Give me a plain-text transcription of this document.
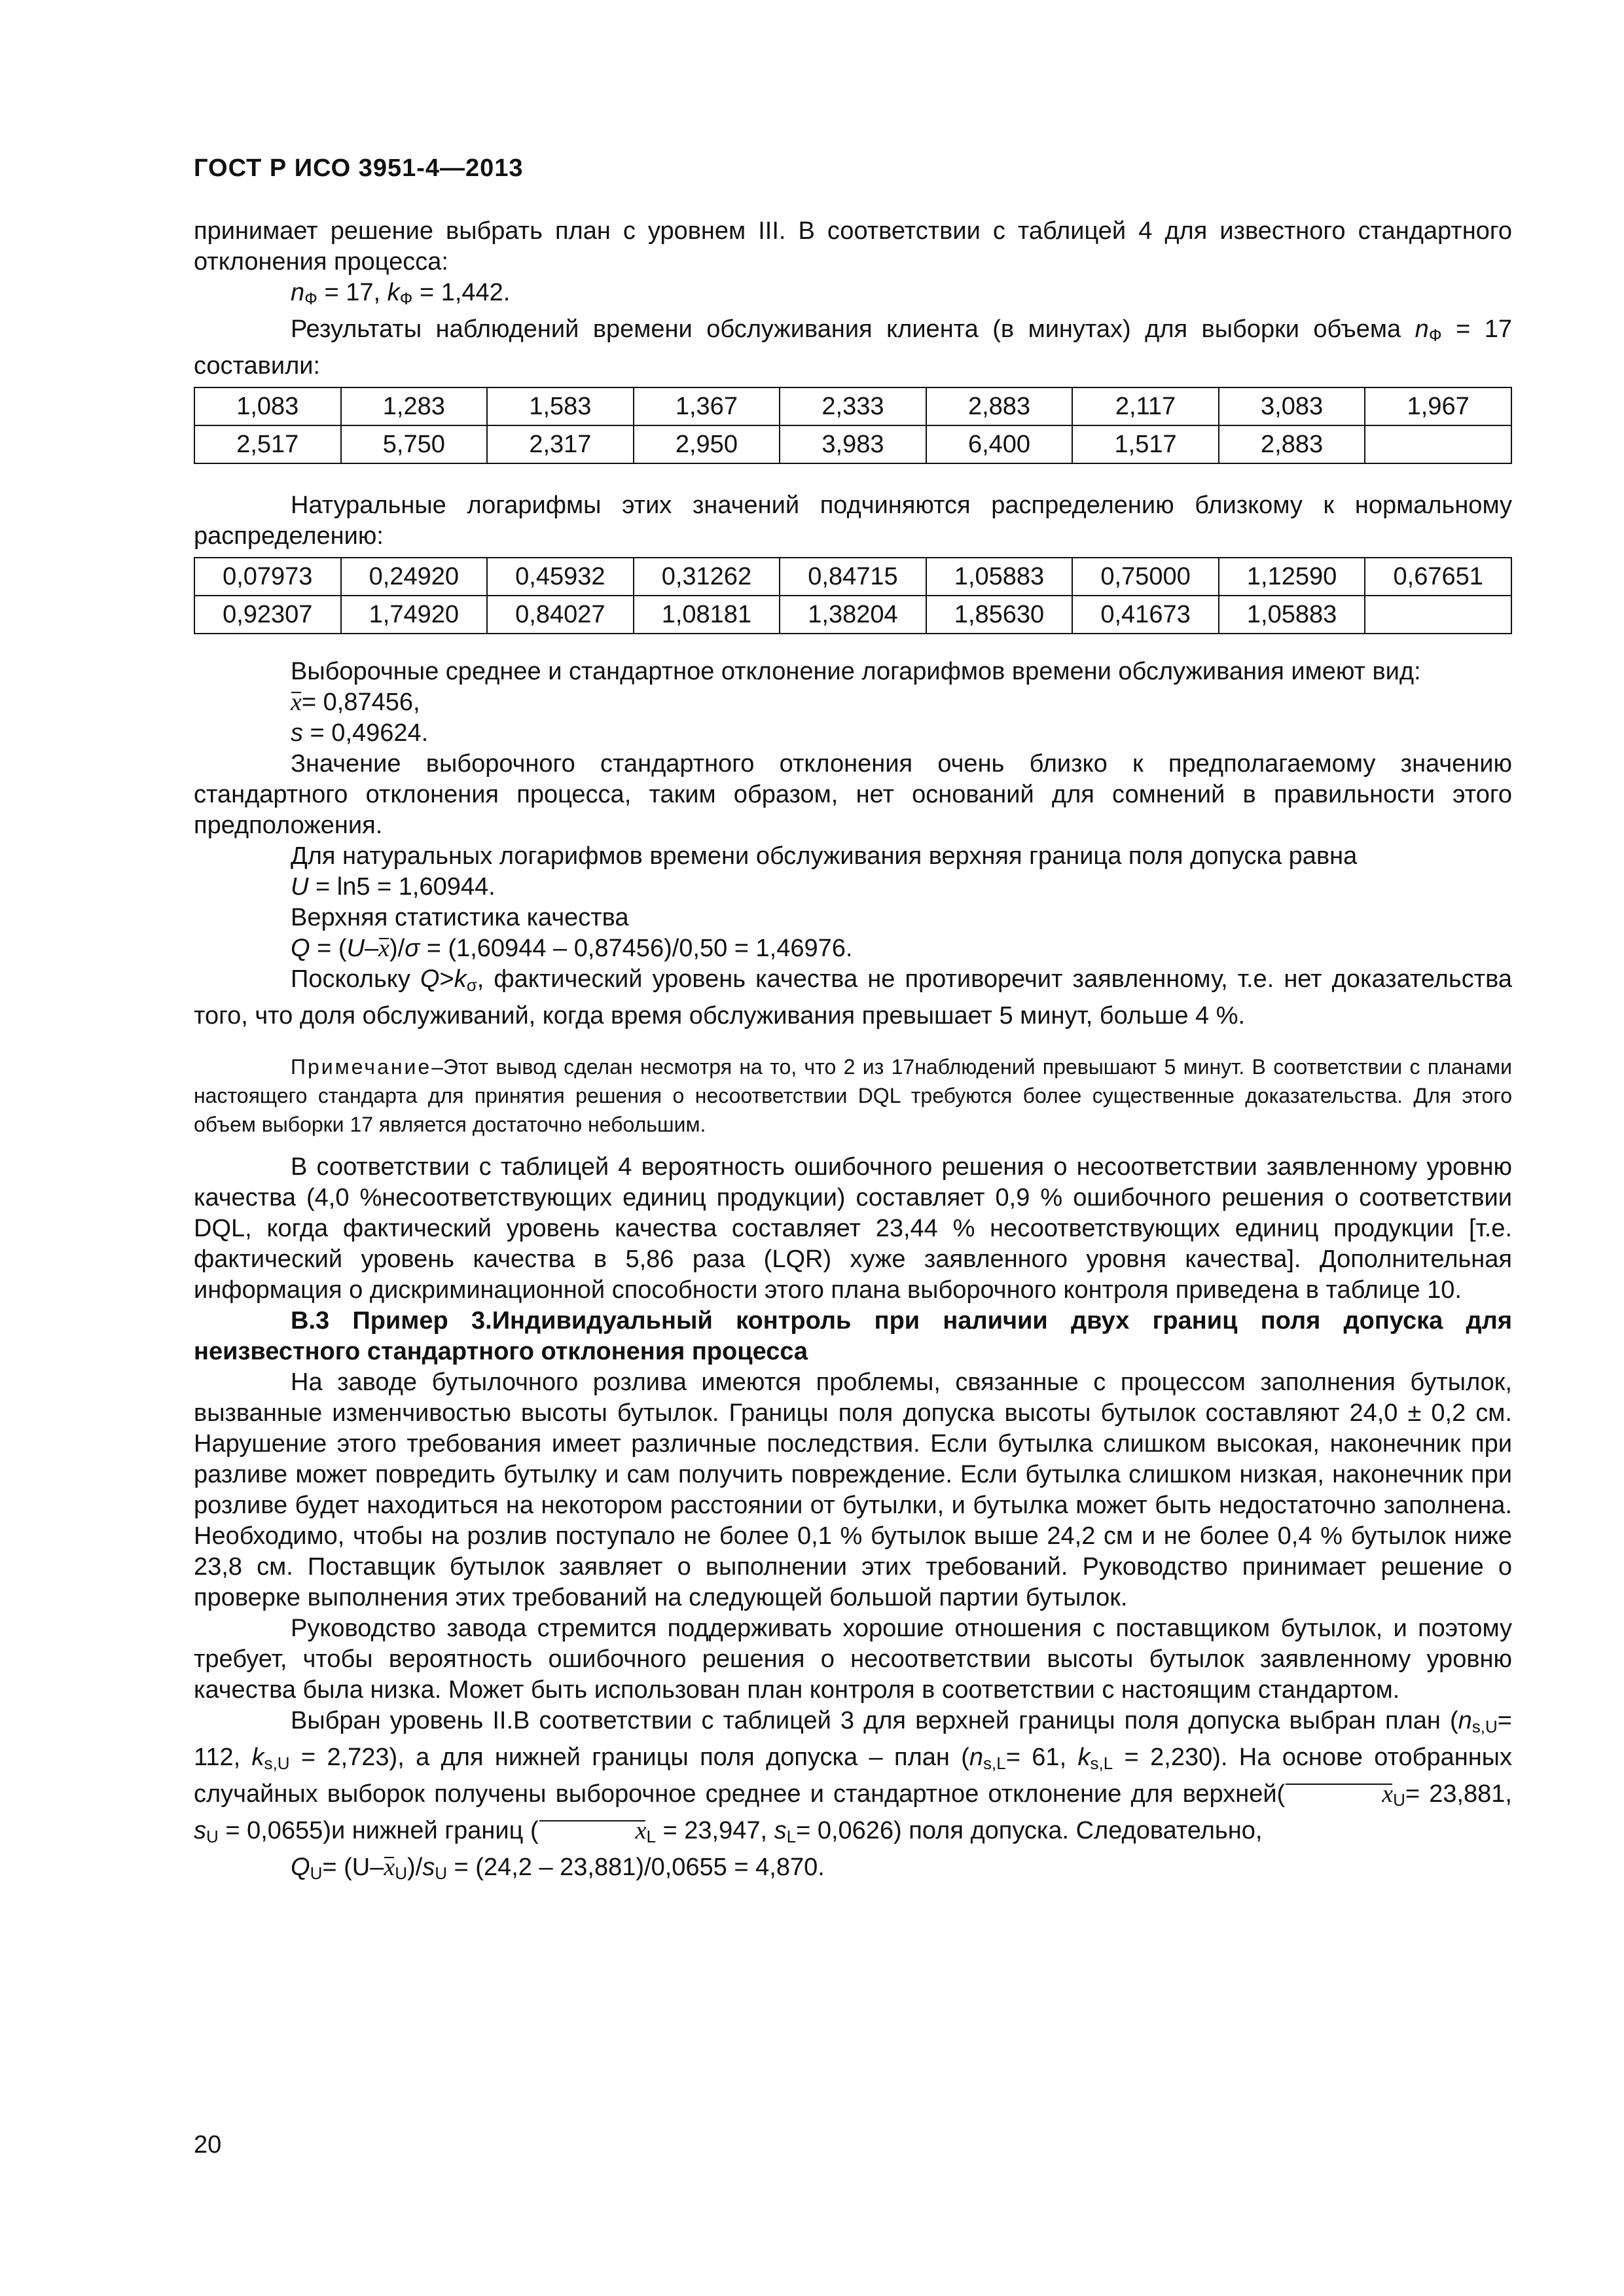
ГОСТ Р ИСО 3951-4—2013

принимает решение выбрать план с уровнем III. В соответствии с таблицей 4 для известного стандартного отклонения процесса:

$n_Ф = 17$, $k_Ф = 1,442$.

Результаты наблюдений времени обслуживания клиента (в минутах) для выборки объема $n_Ф = 17$ составили:

1,083	1,283	1,583	1,367	2,333	2,883	2,117	3,083	1,967
2,517	5,750	2,317	2,950	3,983	6,400	1,517	2,883	

Натуральные логарифмы этих значений подчиняются распределению близкому к нормальному распределению:

0,07973	0,24920	0,45932	0,31262	0,84715	1,05883	0,75000	1,12590	0,67651
0,92307	1,74920	0,84027	1,08181	1,38204	1,85630	0,41673	1,05883	

Выборочные среднее и стандартное отклонение логарифмов времени обслуживания имеют вид:

x= 0,87456,

s = 0,49624.

Значение выборочного стандартного отклонения очень близко к предполагаемому значению стандартного отклонения процесса, таким образом, нет оснований для сомнений в правильности этого предположения.

Для натуральных логарифмов времени обслуживания верхняя граница поля допуска равна

U = ln5 = 1,60944.

Верхняя статистика качества

Q = (U–x)/σ = (1,60944 – 0,87456)/0,50 = 1,46976.

Поскольку $Q>k_\sigma$, фактический уровень качества не противоречит заявленному, т.е. нет доказательства того, что доля обслуживаний, когда время обслуживания превышает 5 минут, больше 4 %.

Примечание–Этот вывод сделан несмотря на то, что 2 из 17наблюдений превышают 5 минут. В соответствии с планами настоящего стандарта для принятия решения о несоответствии DQL требуются более существенные доказательства. Для этого объем выборки 17 является достаточно небольшим.

В соответствии с таблицей 4 вероятность ошибочного решения о несоответствии заявленному уровню качества (4,0 %несоответствующих единиц продукции) составляет 0,9 % ошибочного решения о соответствии DQL, когда фактический уровень качества составляет 23,44 % несоответствующих единиц продукции [т.е. фактический уровень качества в 5,86 раза (LQR) хуже заявленного уровня качества]. Дополнительная информация о дискриминационной способности этого плана выборочного контроля приведена в таблице 10.

В.3 Пример 3.Индивидуальный контроль при наличии двух границ поля допуска для неизвестного стандартного отклонения процесса

На заводе бутылочного розлива имеются проблемы, связанные с процессом заполнения бутылок, вызванные изменчивостью высоты бутылок. Границы поля допуска высоты бутылок составляют 24,0 ± 0,2 см. Нарушение этого требования имеет различные последствия. Если бутылка слишком высокая, наконечник при разливе может повредить бутылку и сам получить повреждение. Если бутылка слишком низкая, наконечник при розливе будет находиться на некотором расстоянии от бутылки, и бутылка может быть недостаточно заполнена. Необходимо, чтобы на розлив поступало не более 0,1 % бутылок выше 24,2 см и не более 0,4 % бутылок ниже 23,8 см. Поставщик бутылок заявляет о выполнении этих требований. Руководство принимает решение о проверке выполнения этих требований на следующей большой партии бутылок.

Руководство завода стремится поддерживать хорошие отношения с поставщиком бутылок, и поэтому требует, чтобы вероятность ошибочного решения о несоответствии высоты бутылок заявленному уровню качества была низка. Может быть использован план контроля в соответствии с настоящим стандартом.

Выбран уровень II.В соответствии с таблицей 3 для верхней границы поля допуска выбран план ($n_{s,U}= 112$, $k_{s,U} = 2,723$), а для нижней границы поля допуска – план ($n_{s,L}= 61$, $k_{s,L} = 2,230$). На основе отобранных случайных выборок получены выборочное среднее и стандартное отклонение для верхней(	$x_U= 23,881$, $s_U = 0,0655)и$ нижней границ (	$x_L = 23,947$, $s_L= 0,0626$) поля допуска. Следовательно,

$Q_U= (U-x_U)/s_U = (24,2 - 23,881)/0,0655 = 4,870$.

20
